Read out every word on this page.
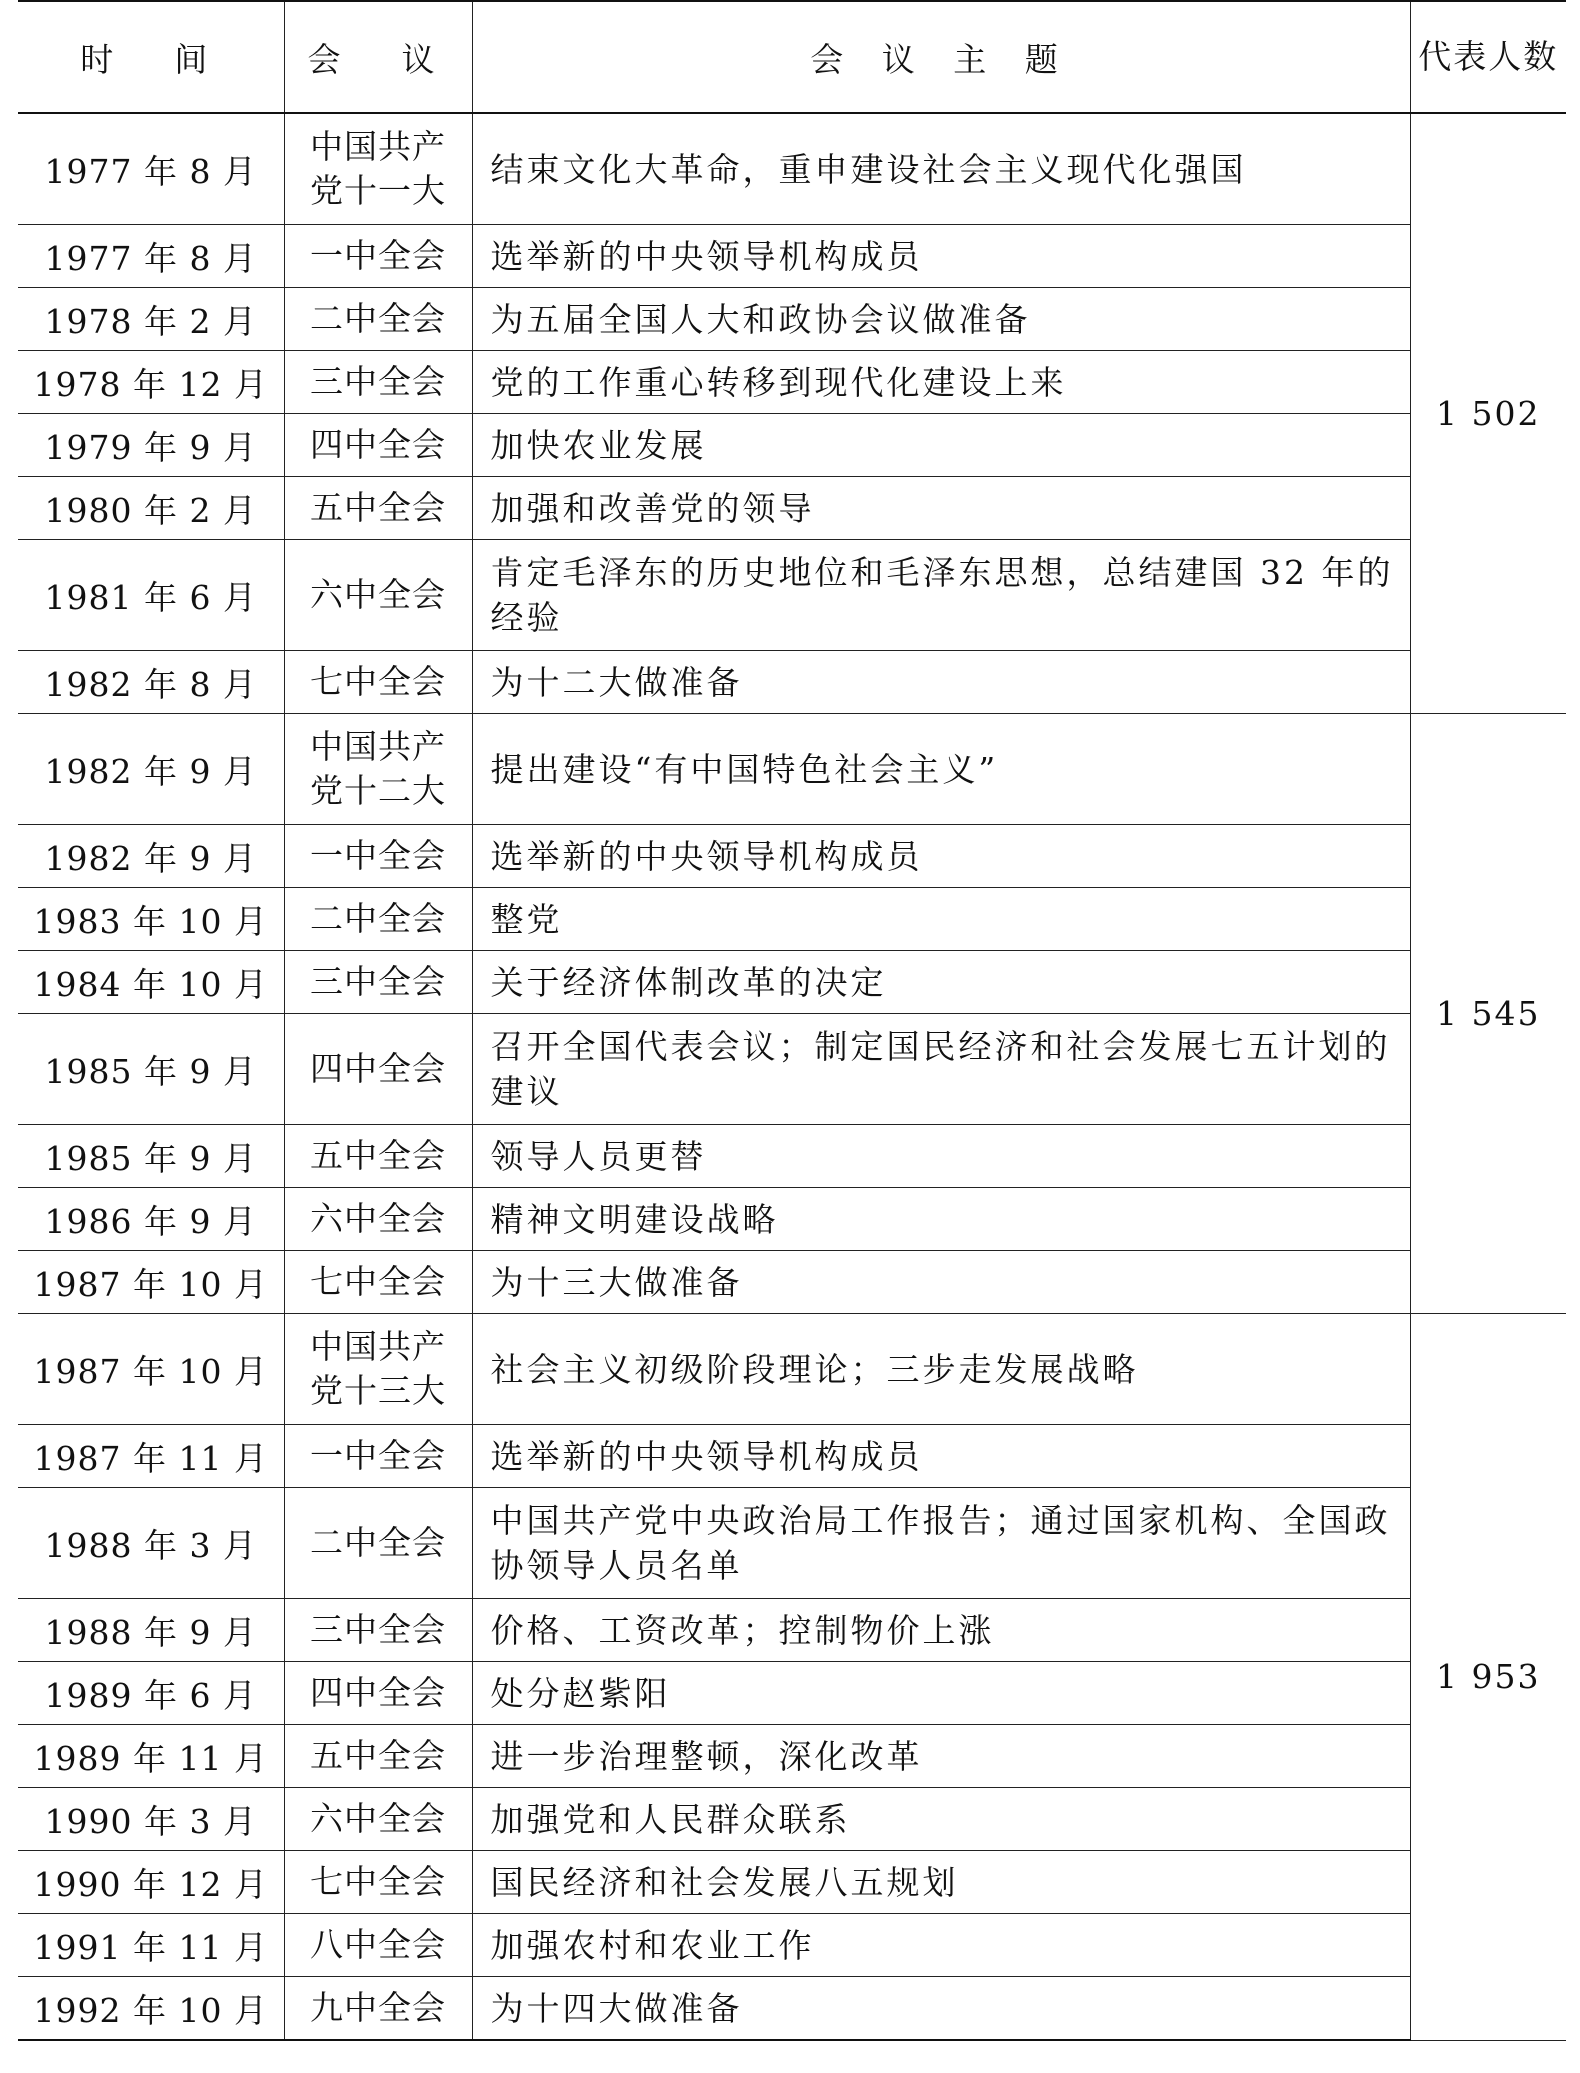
时　间	会　议	会 议 主 题	代表人数
1977 年 8 月	中国共产党十一大	结束文化大革命，重申建设社会主义现代化强国	1 502
1977 年 8 月	一中全会	选举新的中央领导机构成员	
1978 年 2 月	二中全会	为五届全国人大和政协会议做准备	
1978 年 12 月	三中全会	党的工作重心转移到现代化建设上来	
1979 年 9 月	四中全会	加快农业发展	
1980 年 2 月	五中全会	加强和改善党的领导	
1981 年 6 月	六中全会	肯定毛泽东的历史地位和毛泽东思想，总结建国 32 年的经验	
1982 年 8 月	七中全会	为十二大做准备	
1982 年 9 月	中国共产党十二大	提出建设“有中国特色社会主义”	1 545
1982 年 9 月	一中全会	选举新的中央领导机构成员	
1983 年 10 月	二中全会	整党	
1984 年 10 月	三中全会	关于经济体制改革的决定	
1985 年 9 月	四中全会	召开全国代表会议；制定国民经济和社会发展七五计划的建议	
1985 年 9 月	五中全会	领导人员更替	
1986 年 9 月	六中全会	精神文明建设战略	
1987 年 10 月	七中全会	为十三大做准备	
1987 年 10 月	中国共产党十三大	社会主义初级阶段理论；三步走发展战略	1 953
1987 年 11 月	一中全会	选举新的中央领导机构成员	
1988 年 3 月	二中全会	中国共产党中央政治局工作报告；通过国家机构、全国政协领导人员名单	
1988 年 9 月	三中全会	价格、工资改革；控制物价上涨	
1989 年 6 月	四中全会	处分赵紫阳	
1989 年 11 月	五中全会	进一步治理整顿，深化改革	
1990 年 3 月	六中全会	加强党和人民群众联系	
1990 年 12 月	七中全会	国民经济和社会发展八五规划	
1991 年 11 月	八中全会	加强农村和农业工作	
1992 年 10 月	九中全会	为十四大做准备	
